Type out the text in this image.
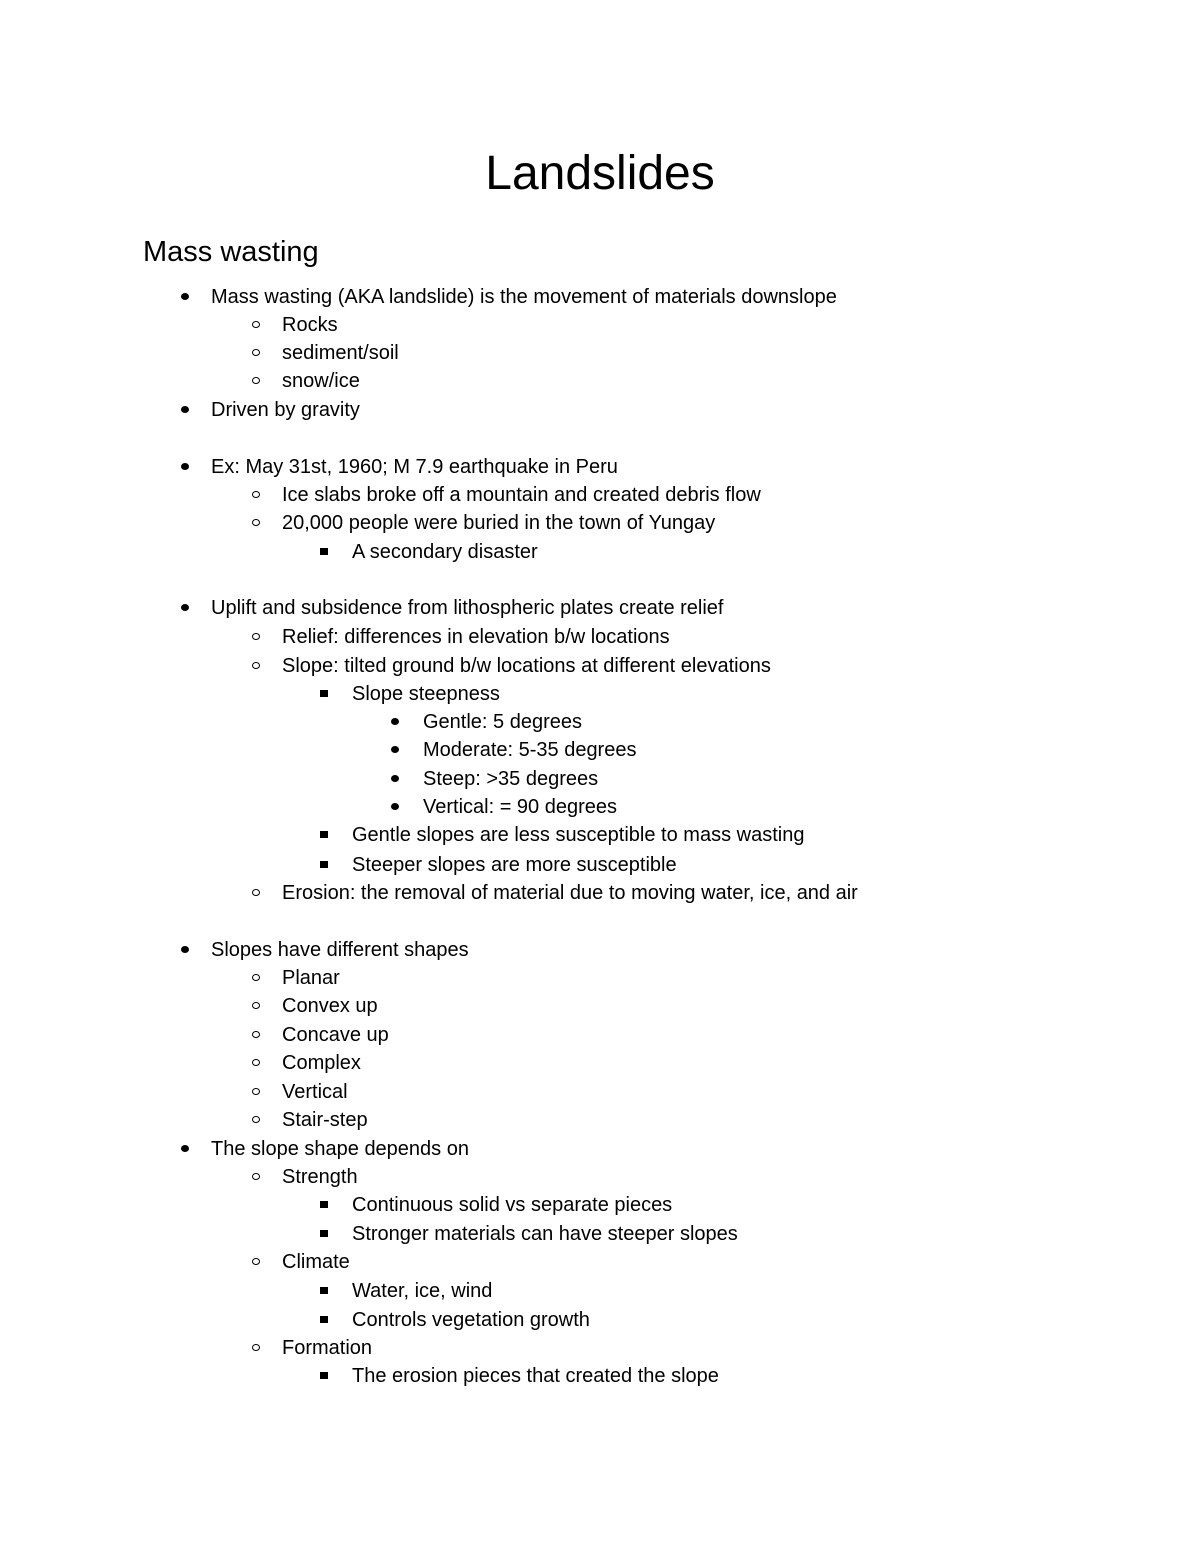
Landslides
Mass wasting
Mass wasting (AKA landslide) is the movement of materials downslope
Rocks
sediment/soil
snow/ice
Driven by gravity
Ex: May 31st, 1960; M 7.9 earthquake in Peru
Ice slabs broke off a mountain and created debris flow
20,000 people were buried in the town of Yungay
A secondary disaster
Uplift and subsidence from lithospheric plates create relief
Relief: differences in elevation b/w locations
Slope: tilted ground b/w locations at different elevations
Slope steepness
Gentle: 5 degrees
Moderate: 5-35 degrees
Steep: >35 degrees
Vertical: = 90 degrees
Gentle slopes are less susceptible to mass wasting
Steeper slopes are more susceptible
Erosion: the removal of material due to moving water, ice, and air
Slopes have different shapes
Planar
Convex up
Concave up
Complex
Vertical
Stair-step
The slope shape depends on
Strength
Continuous solid vs separate pieces
Stronger materials can have steeper slopes
Climate
Water, ice, wind
Controls vegetation growth
Formation
The erosion pieces that created the slope
